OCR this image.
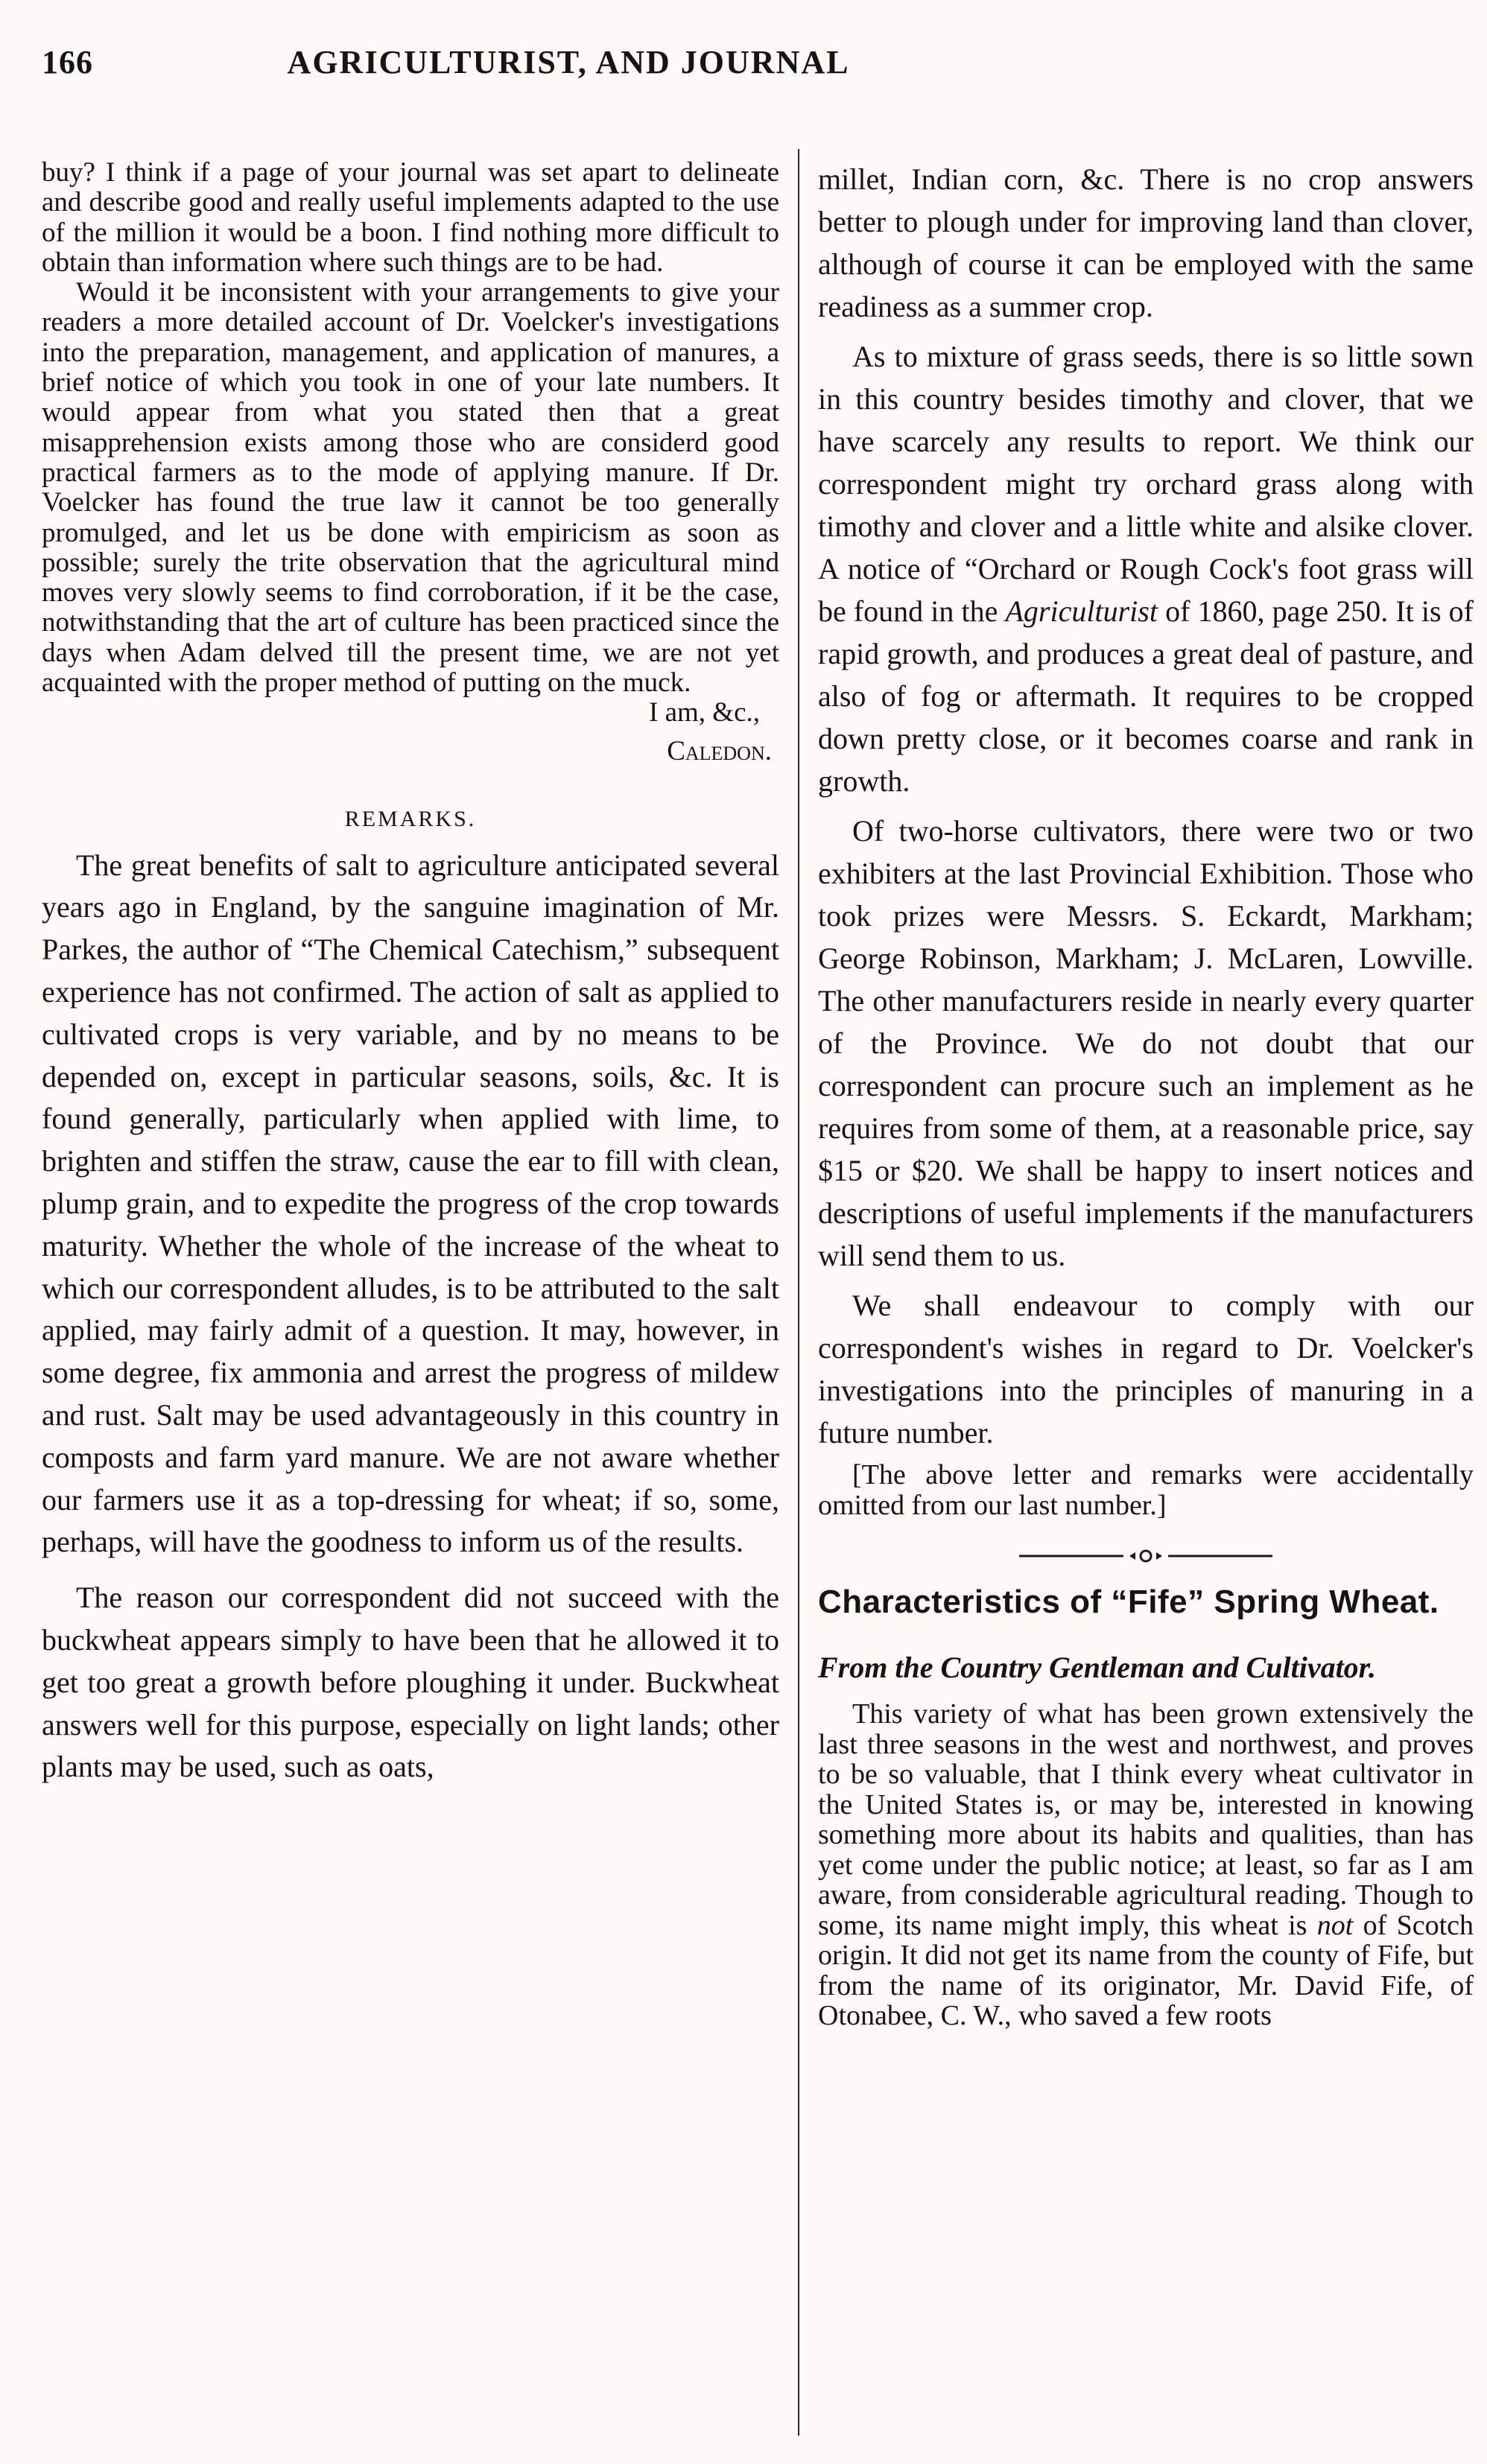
166	AGRICULTURIST, AND JOURNAL

buy? I think if a page of your journal was set apart to delineate and describe good and really useful implements adapted to the use of the million it would be a boon. I find nothing more difficult to obtain than information where such things are to be had.

Would it be inconsistent with your arrangements to give your readers a more detailed account of Dr. Voelcker's investigations into the preparation, management, and application of manures, a brief notice of which you took in one of your late numbers. It would appear from what you stated then that a great misapprehension exists among those who are considerd good practical farmers as to the mode of applying manure. If Dr. Voelcker has found the true law it cannot be too generally promulged, and let us be done with empiricism as soon as possible; surely the trite observation that the agricultural mind moves very slowly seems to find corroboration, if it be the case, notwithstanding that the art of culture has been practiced since the days when Adam delved till the present time, we are not yet acquainted with the proper method of putting on the muck.

I am, &c.,
Caledon.
REMARKS.

The great benefits of salt to agriculture anticipated several years ago in England, by the sanguine imagination of Mr. Parkes, the author of “The Chemical Catechism,” subsequent experience has not confirmed. The action of salt as applied to cultivated crops is very variable, and by no means to be depended on, except in particular seasons, soils, &c. It is found generally, particularly when applied with lime, to brighten and stiffen the straw, cause the ear to fill with clean, plump grain, and to expedite the progress of the crop towards maturity. Whether the whole of the increase of the wheat to which our correspondent alludes, is to be attributed to the salt applied, may fairly admit of a question. It may, however, in some degree, fix ammonia and arrest the progress of mildew and rust. Salt may be used advantageously in this country in composts and farm yard manure. We are not aware whether our farmers use it as a top-dressing for wheat; if so, some, perhaps, will have the goodness to inform us of the results.

The reason our correspondent did not succeed with the buckwheat appears simply to have been that he allowed it to get too great a growth before ploughing it under. Buckwheat answers well for this purpose, especially on light lands; other plants may be used, such as oats,

millet, Indian corn, &c. There is no crop answers better to plough under for improving land than clover, although of course it can be employed with the same readiness as a summer crop.

As to mixture of grass seeds, there is so little sown in this country besides timothy and clover, that we have scarcely any results to report. We think our correspondent might try orchard grass along with timothy and clover and a little white and alsike clover. A notice of “Orchard or Rough Cock's foot grass will be found in the Agriculturist of 1860, page 250. It is of rapid growth, and produces a great deal of pasture, and also of fog or aftermath. It requires to be cropped down pretty close, or it becomes coarse and rank in growth.

Of two-horse cultivators, there were two or two exhibiters at the last Provincial Exhibition. Those who took prizes were Messrs. S. Eckardt, Markham; George Robinson, Markham; J. McLaren, Lowville. The other manufacturers reside in nearly every quarter of the Province. We do not doubt that our correspondent can procure such an implement as he requires from some of them, at a reasonable price, say $15 or $20. We shall be happy to insert notices and descriptions of useful implements if the manufacturers will send them to us.

We shall endeavour to comply with our correspondent's wishes in regard to Dr. Voelcker's investigations into the principles of manuring in a future number.

[The above letter and remarks were accidentally omitted from our last number.]

Characteristics of “Fife” Spring Wheat.
From the Country Gentleman and Cultivator.

This variety of what has been grown extensively the last three seasons in the west and northwest, and proves to be so valuable, that I think every wheat cultivator in the United States is, or may be, interested in knowing something more about its habits and qualities, than has yet come under the public notice; at least, so far as I am aware, from considerable agricultural reading. Though to some, its name might imply, this wheat is not of Scotch origin. It did not get its name from the county of Fife, but from the name of its originator, Mr. David Fife, of Otonabee, C. W., who saved a few roots
